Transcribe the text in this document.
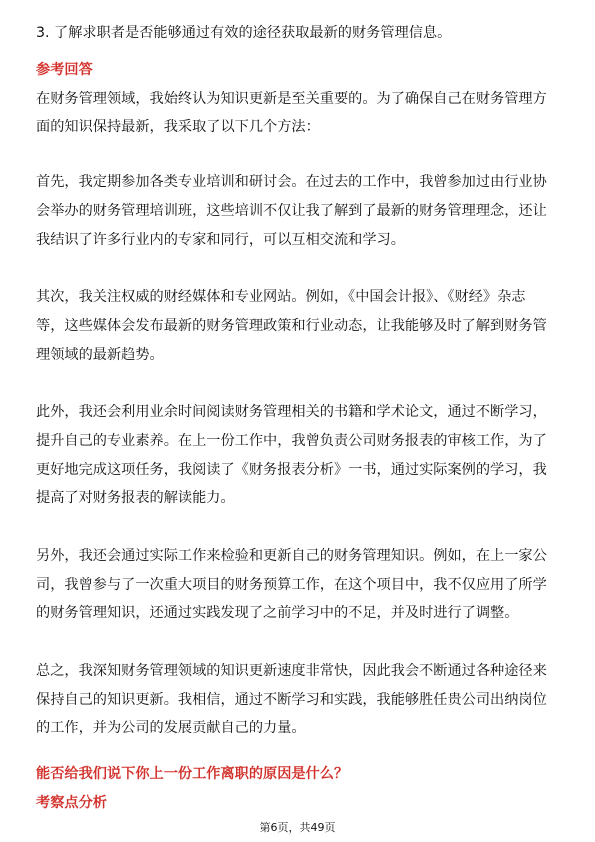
3. 了解求职者是否能够通过有效的途径获取最新的财务管理信息。
参考回答
在财务管理领域，我始终认为知识更新是至关重要的。为了确保自己在财务管理方
面的知识保持最新，我采取了以下几个方法：
首先，我定期参加各类专业培训和研讨会。在过去的工作中，我曾参加过由行业协
会举办的财务管理培训班，这些培训不仅让我了解到了最新的财务管理理念，还让
我结识了许多行业内的专家和同行，可以互相交流和学习。
其次，我关注权威的财经媒体和专业网站。例如，《中国会计报》、《财经》杂志
等，这些媒体会发布最新的财务管理政策和行业动态，让我能够及时了解到财务管
理领域的最新趋势。
此外，我还会利用业余时间阅读财务管理相关的书籍和学术论文，通过不断学习，
提升自己的专业素养。在上一份工作中，我曾负责公司财务报表的审核工作，为了
更好地完成这项任务，我阅读了《财务报表分析》一书，通过实际案例的学习，我
提高了对财务报表的解读能力。
另外，我还会通过实际工作来检验和更新自己的财务管理知识。例如，在上一家公
司，我曾参与了一次重大项目的财务预算工作，在这个项目中，我不仅应用了所学
的财务管理知识，还通过实践发现了之前学习中的不足，并及时进行了调整。
总之，我深知财务管理领域的知识更新速度非常快，因此我会不断通过各种途径来
保持自己的知识更新。我相信，通过不断学习和实践，我能够胜任贵公司出纳岗位
的工作，并为公司的发展贡献自己的力量。
能否给我们说下你上一份工作离职的原因是什么？
考察点分析
第6页，共49页
